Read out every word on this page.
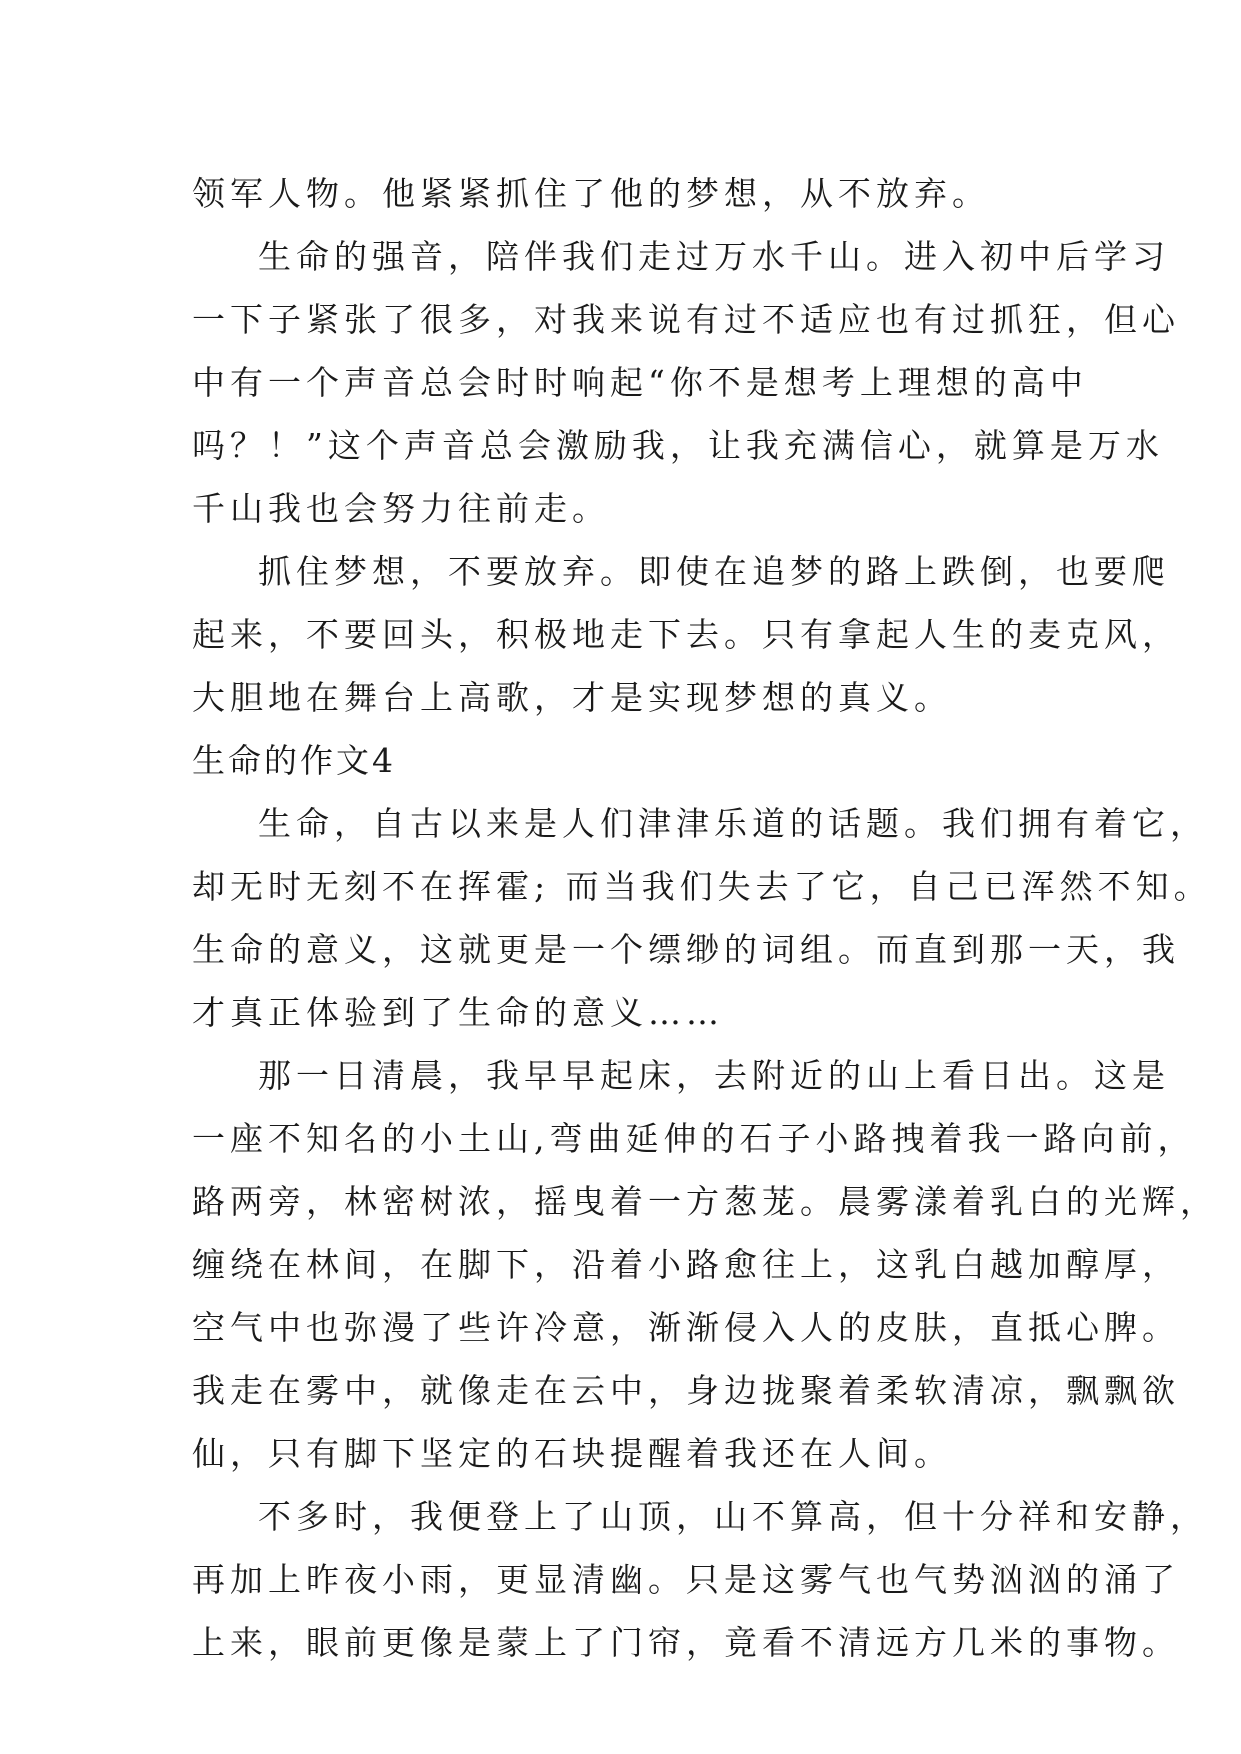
领军人物。他紧紧抓住了他的梦想，从不放弃。
生命的强音，陪伴我们走过万水千山。进入初中后学习
一下子紧张了很多，对我来说有过不适应也有过抓狂，但心
中有一个声音总会时时响起“你不是想考上理想的高中
吗？！”这个声音总会激励我，让我充满信心，就算是万水
千山我也会努力往前走。
抓住梦想，不要放弃。即使在追梦的路上跌倒，也要爬
起来，不要回头，积极地走下去。只有拿起人生的麦克风，
大胆地在舞台上高歌，才是实现梦想的真义。
生命的作文4
生命，自古以来是人们津津乐道的话题。我们拥有着它，
却无时无刻不在挥霍; 而当我们失去了它，自己已浑然不知。
生命的意义，这就更是一个缥缈的词组。而直到那一天，我
才真正体验到了生命的意义……
那一日清晨，我早早起床，去附近的山上看日出。这是
一座不知名的小土山,弯曲延伸的石子小路拽着我一路向前，
路两旁，林密树浓，摇曳着一方葱茏。晨雾漾着乳白的光辉，
缠绕在林间，在脚下，沿着小路愈往上，这乳白越加醇厚，
空气中也弥漫了些许冷意，渐渐侵入人的皮肤，直抵心脾。
我走在雾中，就像走在云中，身边拢聚着柔软清凉，飘飘欲
仙，只有脚下坚定的石块提醒着我还在人间。
不多时，我便登上了山顶，山不算高，但十分祥和安静，
再加上昨夜小雨，更显清幽。只是这雾气也气势汹汹的涌了
上来，眼前更像是蒙上了门帘，竟看不清远方几米的事物。
